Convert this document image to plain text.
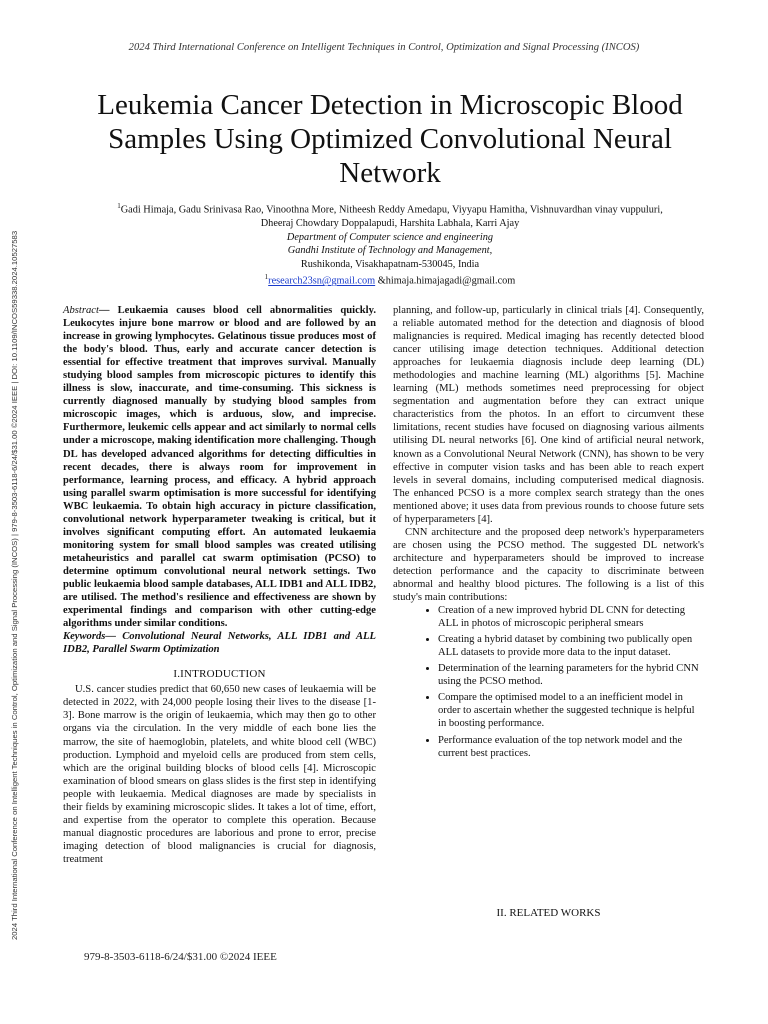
2024 Third International Conference on Intelligent Techniques in Control, Optimization and Signal Processing (INCOS)
2024 Third International Conference on Intelligent Techniques in Control, Optimization and Signal Processing (INCOS) | 979-8-3503-6118-6/24/$31.00 ©2024 IEEE | DOI: 10.1109/INCOS59338.2024.10527583
Leukemia Cancer Detection in Microscopic Blood Samples Using Optimized Convolutional Neural Network
$^1$Gadi Himaja, Gadu Srinivasa Rao, Vinoothna More, Nitheesh Reddy Amedapu, Viyyapu Hamitha, Vishnuvardhan vinay vuppuluri,
Dheeraj Chowdary Doppalapudi, Harshita Labhala, Karri Ajay
Department of Computer science and engineering
Gandhi Institute of Technology and Management,
Rushikonda, Visakhapatnam-530045, India
$^1$research23sn@gmail.com &himaja.himajagadi@gmail.com

Abstract— Leukaemia causes blood cell abnormalities quickly. Leukocytes injure bone marrow or blood and are followed by an increase in growing lymphocytes. Gelatinous tissue produces most of the body's blood. Thus, early and accurate cancer detection is essential for effective treatment that improves survival. Manually studying blood samples from microscopic pictures to identify this illness is slow, inaccurate, and time-consuming. This sickness is currently diagnosed manually by studying blood samples from microscopic images, which is arduous, slow, and imprecise. Furthermore, leukemic cells appear and act similarly to normal cells under a microscope, making identification more challenging. Though DL has developed advanced algorithms for detecting difficulties in recent decades, there is always room for improvement in performance, learning process, and efficacy. A hybrid approach using parallel swarm optimisation is more successful for identifying WBC leukaemia. To obtain high accuracy in picture classification, convolutional network hyperparameter tweaking is critical, but it involves significant computing effort. An automated leukaemia monitoring system for small blood samples was created utilising metaheuristics and parallel cat swarm optimisation (PCSO) to determine optimum convolutional neural network settings. Two public leukaemia blood sample databases, ALL IDB1 and ALL IDB2, are utilised. The method's resilience and effectiveness are shown by experimental findings and comparison with other cutting-edge algorithms under similar conditions.

Keywords— Convolutional Neural Networks, ALL IDB1 and ALL IDB2, Parallel Swarm Optimization

I.INTRODUCTION

U.S. cancer studies predict that 60,650 new cases of leukaemia will be detected in 2022, with 24,000 people losing their lives to the disease [1-3]. Bone marrow is the origin of leukaemia, which may then go to other organs via the circulation. In the very middle of each bone lies the marrow, the site of haemoglobin, platelets, and white blood cell (WBC) production. Lymphoid and myeloid cells are produced from stem cells, which are the original building blocks of blood cells [4]. Microscopic examination of blood smears on glass slides is the first step in identifying people with leukaemia. Medical diagnoses are made by specialists in their fields by examining microscopic slides. It takes a lot of time, effort, and expertise from the operator to complete this operation. Because manual diagnostic procedures are laborious and prone to error, precise imaging detection of blood malignancies is crucial for diagnosis, treatment

planning, and follow-up, particularly in clinical trials [4]. Consequently, a reliable automated method for the detection and diagnosis of blood malignancies is required. Medical imaging has recently detected blood cancer utilising image detection techniques. Additional detection approaches for leukaemia diagnosis include deep learning (DL) methodologies and machine learning (ML) algorithms [5]. Machine learning (ML) methods sometimes need preprocessing for object segmentation and augmentation before they can extract unique characteristics from the photos. In an effort to circumvent these limitations, recent studies have focused on diagnosing various ailments utilising DL neural networks [6]. One kind of artificial neural network, known as a Convolutional Neural Network (CNN), has shown to be very effective in computer vision tasks and has been able to reach expert levels in several domains, including computerised medical diagnosis. The enhanced PCSO is a more complex search strategy than the ones mentioned above; it uses data from previous rounds to choose future sets of hyperparameters [4].

CNN architecture and the proposed deep network's hyperparameters are chosen using the PCSO method. The suggested DL network's architecture and hyperparameters should be improved to increase detection performance and the capacity to discriminate between abnormal and healthy blood pictures. The following is a list of this study's main contributions:

• Creation of a new improved hybrid DL CNN for detecting ALL in photos of microscopic peripheral smears
• Creating a hybrid dataset by combining two publically open ALL datasets to provide more data to the input dataset.
• Determination of the learning parameters for the hybrid CNN using the PCSO method.
• Compare the optimised model to a an inefficient model in order to ascertain whether the suggested technique is helpful in boosting performance.
• Performance evaluation of the top network model and the current best practices.
II. RELATED WORKS
979-8-3503-6118-6/24/$31.00 ©2024 IEEE
